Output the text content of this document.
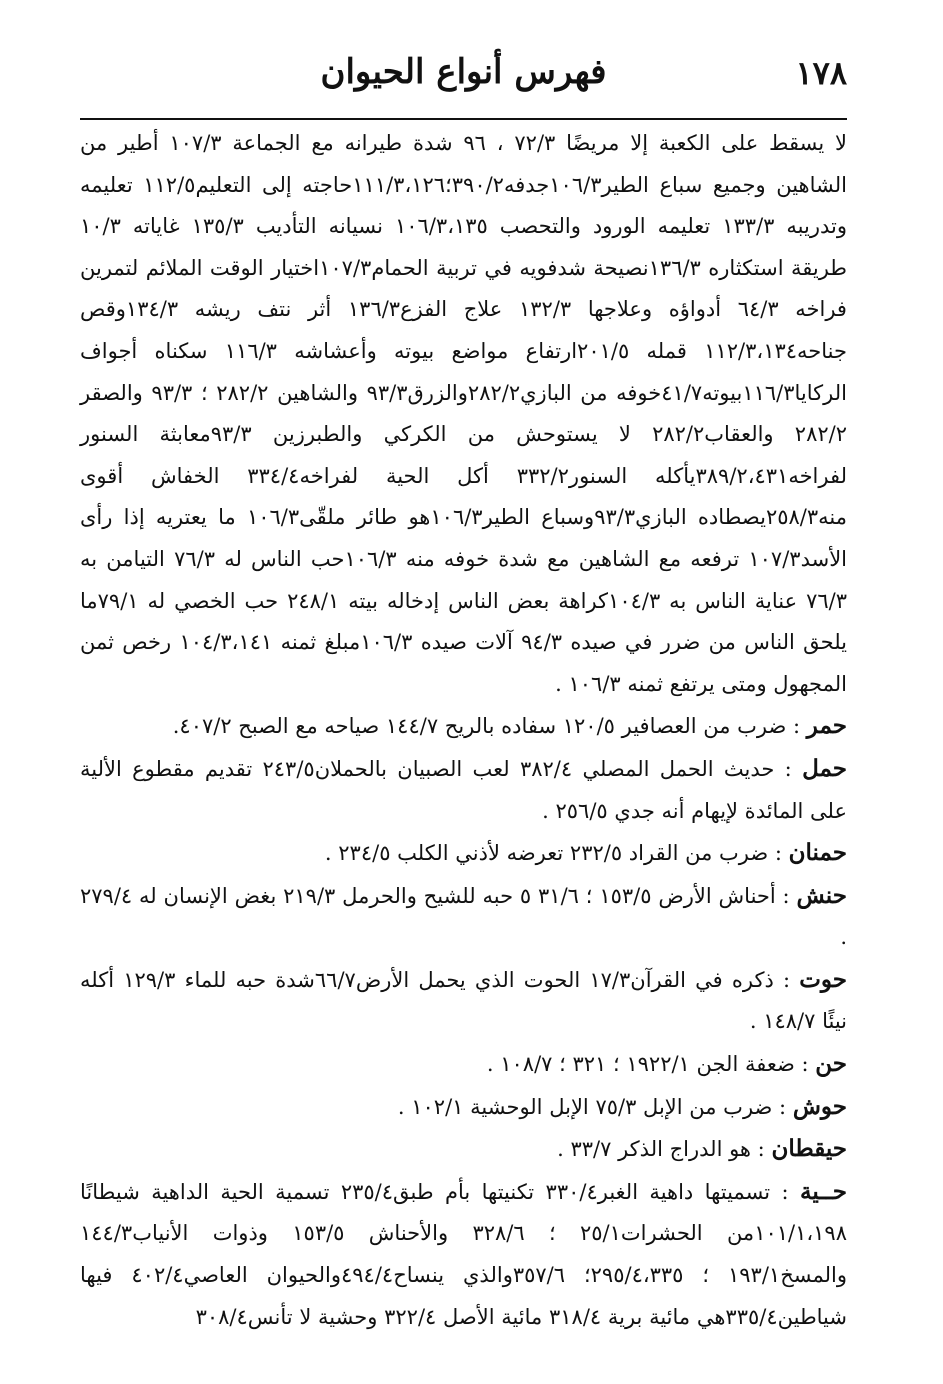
١٧٨
فهرس أنواع الحيوان

لا يسقط على الكعبة إلا مريضًا ٧٢/٣ ، ٩٦ شدة طيرانه مع الجماعة ١٠٧/٣ أطير من الشاهين وجميع سباع الطير١٠٦/٣جدفه٣٩٠/٢؛١١١/٣،١٢٦حاجته إلى التعليم١١٢/٥ تعليمه وتدريبه ١٣٣/٣ تعليمه الورود والتحصب ١٠٦/٣،١٣٥ نسيانه التأديب ١٣٥/٣ غاياته ١٠/٣ طريقة استكثاره ١٣٦/٣نصيحة شدفويه في تربية الحمام١٠٧/٣اختيار الوقت الملائم لتمرين فراخه ٦٤/٣ أدواؤه وعلاجها ١٣٢/٣ علاج الفزع١٣٦/٣ أثر نتف ريشه ١٣٤/٣وقص جناحه١١٢/٣،١٣٤ قمله ٢٠١/٥ارتفاع مواضع بيوته وأعشاشه ١١٦/٣ سكناه أجواف الركايا١١٦/٣بيوته٤١/٧خوفه من البازي٢٨٢/٢والزرق٩٣/٣ والشاهين ٢٨٢/٢ ؛ ٩٣/٣ والصقر ٢٨٢/٢ والعقاب٢٨٢/٢ لا يستوحش من الكركي والطبرزين ٩٣/٣معابثة السنور لفراخه٣٨٩/٢،٤٣١يأكله السنور٣٣٢/٢ أكل الحية لفراخه٣٣٤/٤ الخفاش أقوى منه٢٥٨/٣يصطاده البازي٩٣/٣وسباع الطير١٠٦/٣هو طائر ملقّى١٠٦/٣ ما يعتريه إذا رأى الأسد١٠٧/٣ ترفعه مع الشاهين مع شدة خوفه منه ١٠٦/٣حب الناس له ٧٦/٣ التيامن به ٧٦/٣ عناية الناس به ١٠٤/٣كراهة بعض الناس إدخاله بيته ٢٤٨/١ حب الخصي له ٧٩/١ما يلحق الناس من ضرر في صيده ٩٤/٣ آلات صيده ١٠٦/٣مبلغ ثمنه ١٠٤/٣،١٤١ رخص ثمن المجهول ومتى يرتفع ثمنه ١٠٦/٣ .

حمر : ضرب من العصافير ١٢٠/٥ سفاده بالريح ١٤٤/٧ صياحه مع الصبح ٤٠٧/٢.

حمل : حديث الحمل المصلي ٣٨٢/٤ لعب الصبيان بالحملان٢٤٣/٥ تقديم مقطوع الألية على المائدة لإيهام أنه جدي ٢٥٦/٥ .

حمنان : ضرب من القراد ٢٣٢/٥ تعرضه لأذني الكلب ٢٣٤/٥ .

حنش : أحناش الأرض ١٥٣/٥ ؛ ٣١/٦ ٥ حبه للشيح والحرمل ٢١٩/٣ بغض الإنسان له ٢٧٩/٤ .

حوت : ذكره في القرآن١٧/٣ الحوت الذي يحمل الأرض٦٦/٧شدة حبه للماء ١٢٩/٣ أكله نيئًا ١٤٨/٧ .

حن : ضعفة الجن ١٩٢٢/١ ؛ ٣٢١ ؛ ١٠٨/٧ .

حوش : ضرب من الإبل ٧٥/٣ الإبل الوحشية ١٠٢/١ .

حيقطان : هو الدراج الذكر ٣٣/٧ .

حــية : تسميتها داهية الغبر٣٣٠/٤ تكنيتها بأم طبق٢٣٥/٤ تسمية الحية الداهية شيطانًا ١٠١/١،١٩٨من الحشرات٢٥/١ ؛ ٣٢٨/٦ والأحناش ١٥٣/٥ وذوات الأنياب١٤٤/٣ والمسخ١٩٣/١ ؛ ٢٩٥/٤،٣٣٥؛ ٣٥٧/٦والذي ينساح٤٩٤/٤والحيوان العاصي٤٠٢/٤ فيها شياطين٣٣٥/٤هي مائية برية ٣١٨/٤ مائية الأصل ٣٢٢/٤ وحشية لا تأنس٣٠٨/٤
